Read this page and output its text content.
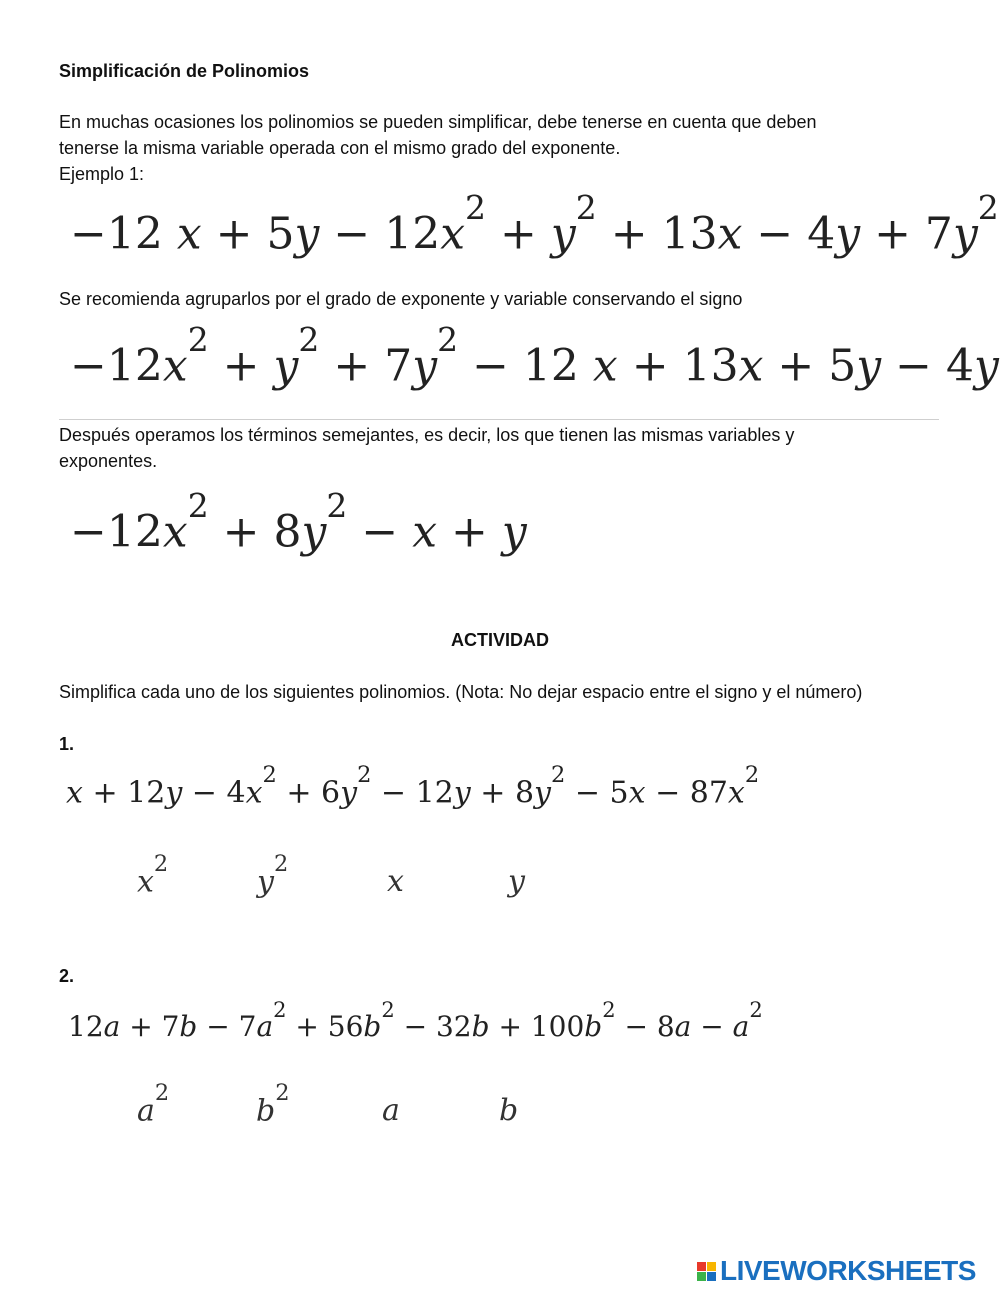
Simplificación de Polinomios
En muchas ocasiones los polinomios se pueden simplificar, debe tenerse en cuenta que deben
tenerse la misma variable operada con el mismo grado del exponente.
Ejemplo 1:
−12 $x + 5y - 12x^2 + y^2 + 13x - 4y + 7y^2$
Se recomienda agruparlos por el grado de exponente y variable conservando el signo
$-12x^2 + y^2 + 7y^2 - 12$ x + 13x + 5y − 4y
Después operamos los términos semejantes, es decir, los que tienen las mismas variables y
exponentes.
$-12x^2 + 8y^2 - x + y$
ACTIVIDAD
Simplifica cada uno de los siguientes polinomios. (Nota: No dejar espacio entre el signo y el número)
1.
$x + 12y - 4x^2 + 6y^2 - 12y + 8y^2 - 5x - 87x^2$
$x^2$
$y^2$	x	y
2.
$12a + 7b - 7a^2 + 56b^2 - 32b + 100b^2 - 8a - a^2$
$a^2$
$b^2$	a	b
LIVEWORKSHEETS
